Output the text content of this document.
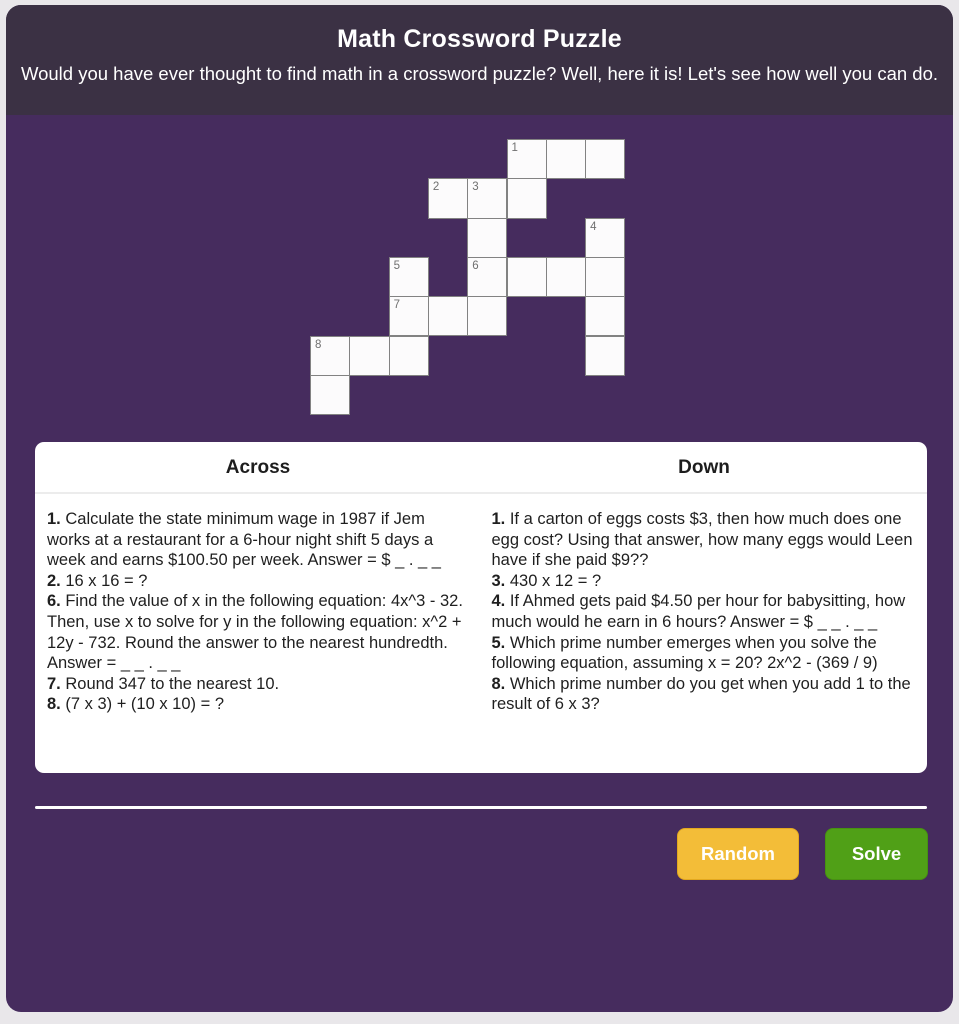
Math Crossword Puzzle

Would you have ever thought to find math in a crossword puzzle? Well, here it is! Let's see how well you can do.

1
2	3
4
5	6
7
8
Across	Down
1. Calculate the state minimum wage in 1987 if Jem works at a restaurant for a 6-hour night shift 5 days a week and earns $100.50 per week. Answer = $ _ . _ _
2. 16 x 16 = ?
6. Find the value of x in the following equation: 4x^3 - 32. Then, use x to solve for y in the following equation: x^2 + 12y - 732. Round the answer to the nearest hundredth. Answer = _ _ . _ _
7. Round 347 to the nearest 10.
8. (7 x 3) + (10 x 10) = ?
1. If a carton of eggs costs $3, then how much does one egg cost? Using that answer, how many eggs would Leen have if she paid $9??
3. 430 x 12 = ?
4. If Ahmed gets paid $4.50 per hour for babysitting, how much would he earn in 6 hours? Answer = $ _ _ . _ _
5. Which prime number emerges when you solve the following equation, assuming x = 20? 2x^2 - (369 / 9)
8. Which prime number do you get when you add 1 to the result of 6 x 3?
Random	Solve
